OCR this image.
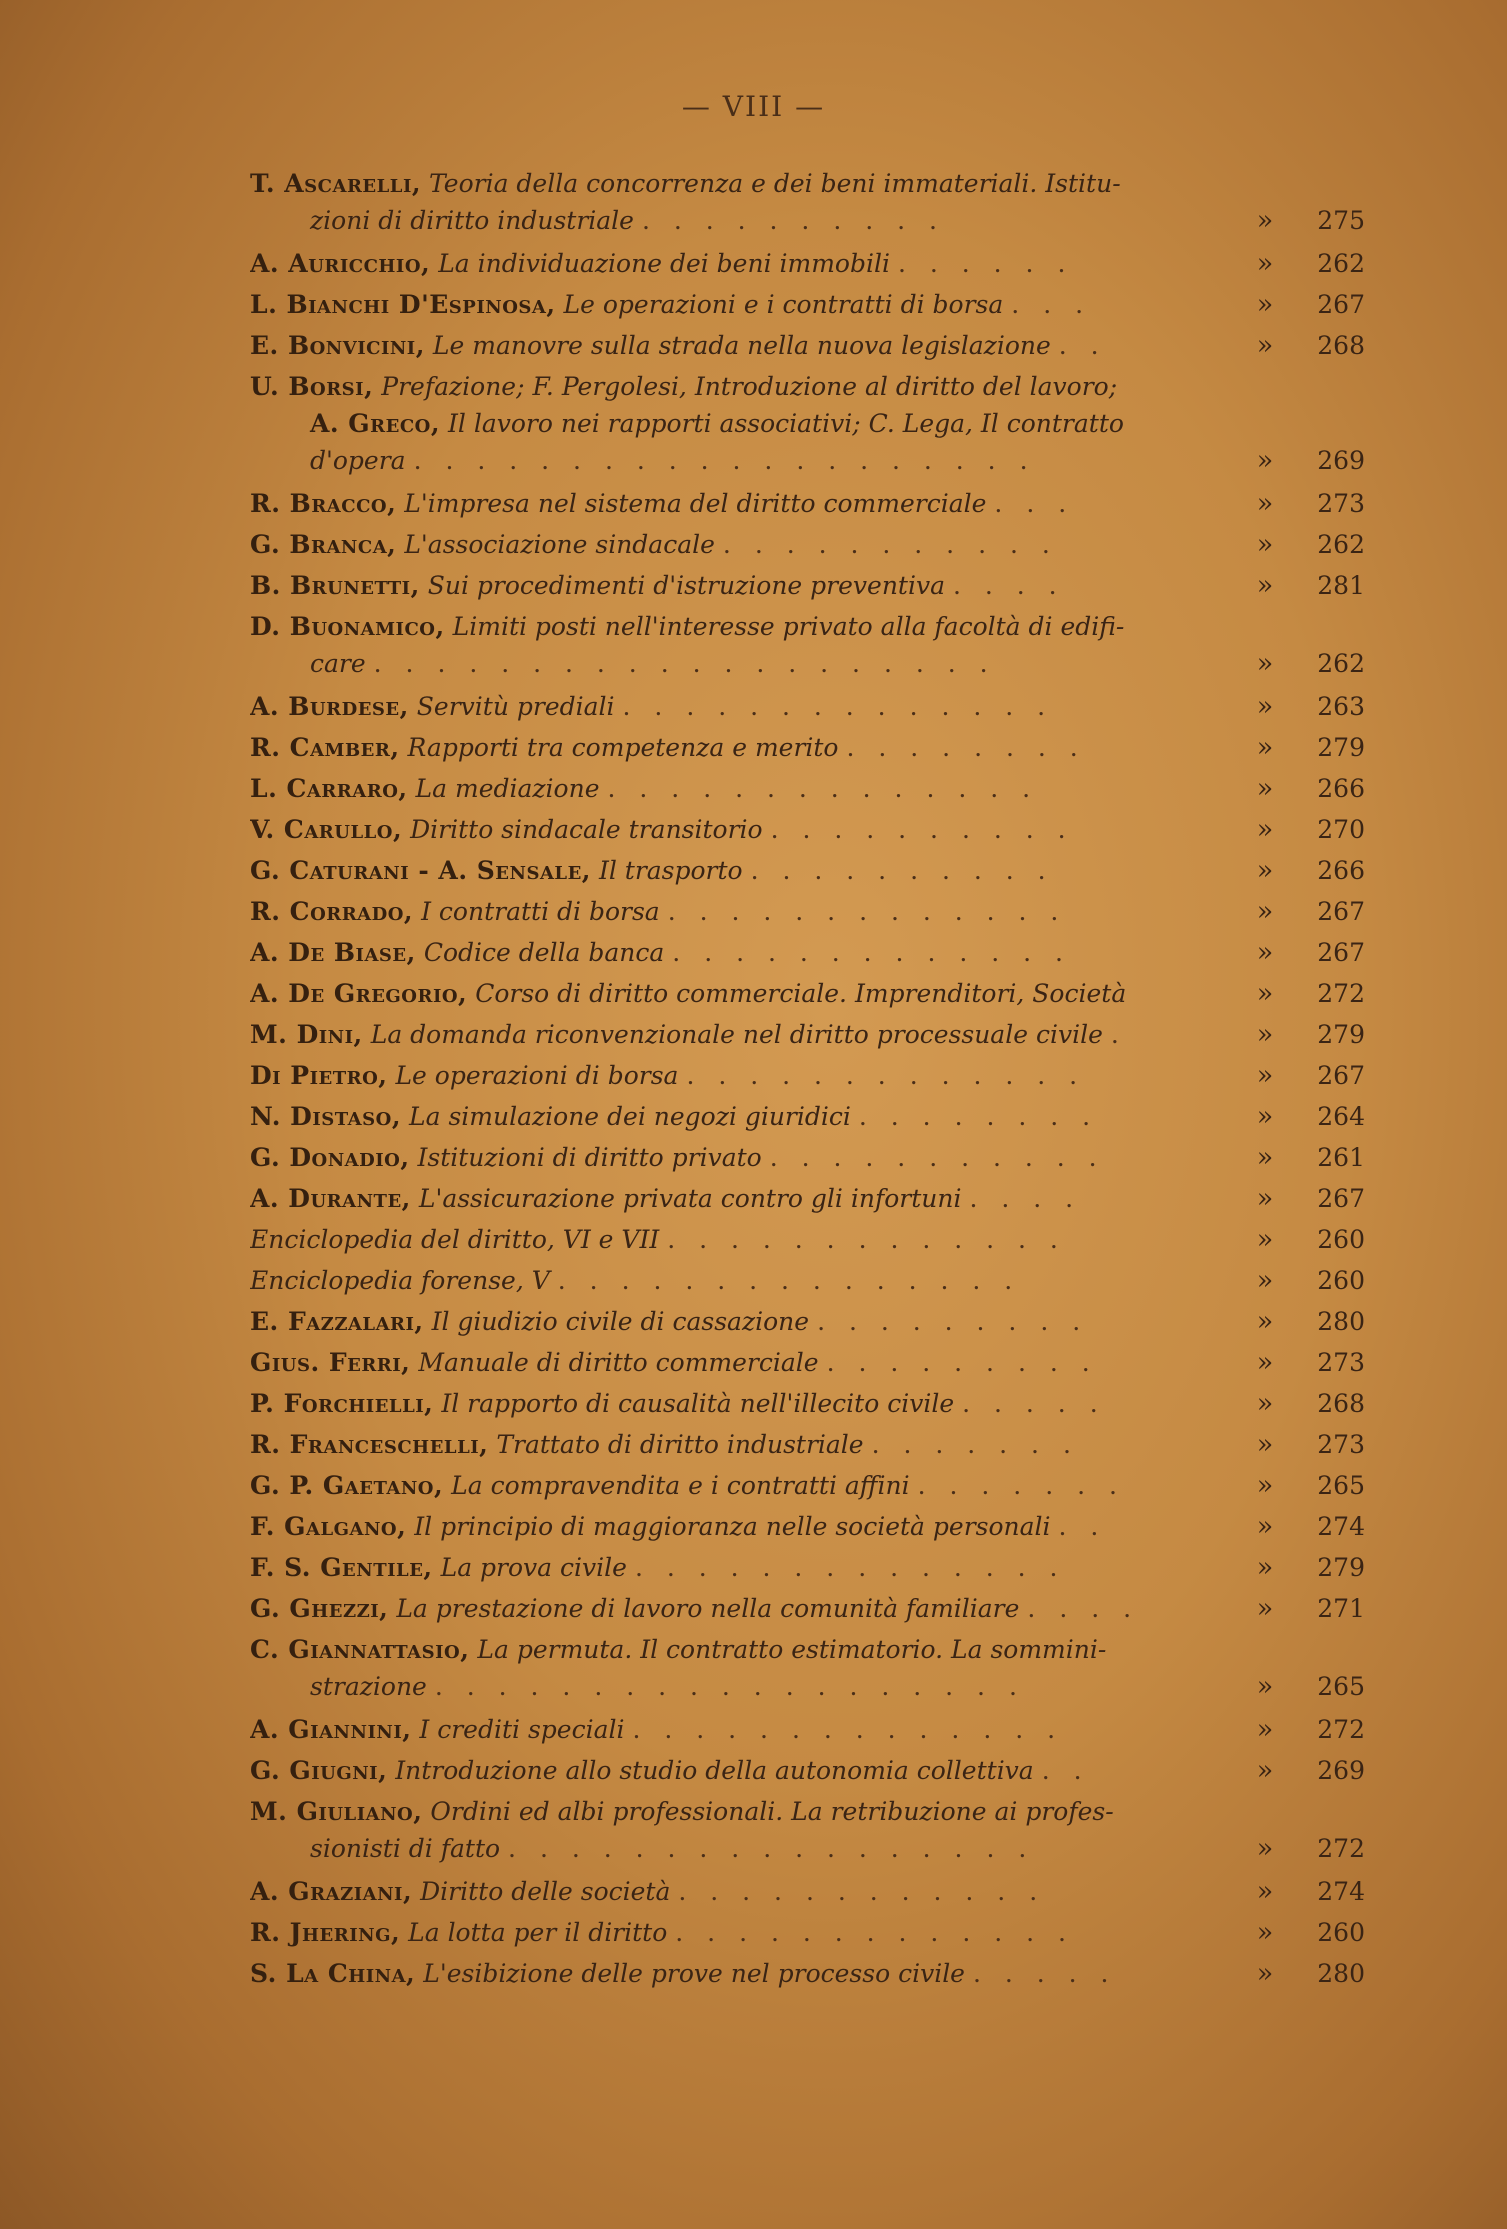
— VIII —
T. Ascarelli, Teoria della concorrenza e dei beni immateriali. Istitu-
zioni di diritto industriale . . . . . . . . . .	»	275
A. Auricchio, La individuazione dei beni immobili . . . . . .	»	262
L. Bianchi D'Espinosa, Le operazioni e i contratti di borsa . . .	»	267
E. Bonvicini, Le manovre sulla strada nella nuova legislazione . .	»	268
U. Borsi, Prefazione; F. Pergolesi, Introduzione al diritto del lavoro;
A. Greco, Il lavoro nei rapporti associativi; C. Lega, Il contratto
d'opera . . . . . . . . . . . . . . . . . . . .	»	269
R. Bracco, L'impresa nel sistema del diritto commerciale . . .	»	273
G. Branca, L'associazione sindacale . . . . . . . . . . .	»	262
B. Brunetti, Sui procedimenti d'istruzione preventiva . . . .	»	281
D. Buonamico, Limiti posti nell'interesse privato alla facoltà di edifi-
care . . . . . . . . . . . . . . . . . . . .	»	262
A. Burdese, Servitù prediali . . . . . . . . . . . . . .	»	263
R. Camber, Rapporti tra competenza e merito . . . . . . . .	»	279
L. Carraro, La mediazione . . . . . . . . . . . . . .	»	266
V. Carullo, Diritto sindacale transitorio . . . . . . . . . .	»	270
G. Caturani - A. Sensale, Il trasporto . . . . . . . . . .	»	266
R. Corrado, I contratti di borsa . . . . . . . . . . . . .	»	267
A. De Biase, Codice della banca . . . . . . . . . . . . .	»	267
A. De Gregorio, Corso di diritto commerciale. Imprenditori, Società	»	272
M. Dini, La domanda riconvenzionale nel diritto processuale civile .	»	279
Di Pietro, Le operazioni di borsa . . . . . . . . . . . . .	»	267
N. Distaso, La simulazione dei negozi giuridici . . . . . . . .	»	264
G. Donadio, Istituzioni di diritto privato . . . . . . . . . . .	»	261
A. Durante, L'assicurazione privata contro gli infortuni . . . .	»	267
Enciclopedia del diritto, VI e VII . . . . . . . . . . . . .	»	260
Enciclopedia forense, V . . . . . . . . . . . . . . .	»	260
E. Fazzalari, Il giudizio civile di cassazione . . . . . . . . .	»	280
Gius. Ferri, Manuale di diritto commerciale . . . . . . . . .	»	273
P. Forchielli, Il rapporto di causalità nell'illecito civile . . . . .	»	268
R. Franceschelli, Trattato di diritto industriale . . . . . . .	»	273
G. P. Gaetano, La compravendita e i contratti affini . . . . . . .	»	265
F. Galgano, Il principio di maggioranza nelle società personali . .	»	274
F. S. Gentile, La prova civile . . . . . . . . . . . . . .	»	279
G. Ghezzi, La prestazione di lavoro nella comunità familiare . . . .	»	271
C. Giannattasio, La permuta. Il contratto estimatorio. La sommini-
strazione . . . . . . . . . . . . . . . . . . .	»	265
A. Giannini, I crediti speciali . . . . . . . . . . . . . .	»	272
G. Giugni, Introduzione allo studio della autonomia collettiva . .	»	269
M. Giuliano, Ordini ed albi professionali. La retribuzione ai profes-
sionisti di fatto . . . . . . . . . . . . . . . . .	»	272
A. Graziani, Diritto delle società . . . . . . . . . . . .	»	274
R. Jhering, La lotta per il diritto . . . . . . . . . . . . .	»	260
S. La China, L'esibizione delle prove nel processo civile . . . . .	»	280
